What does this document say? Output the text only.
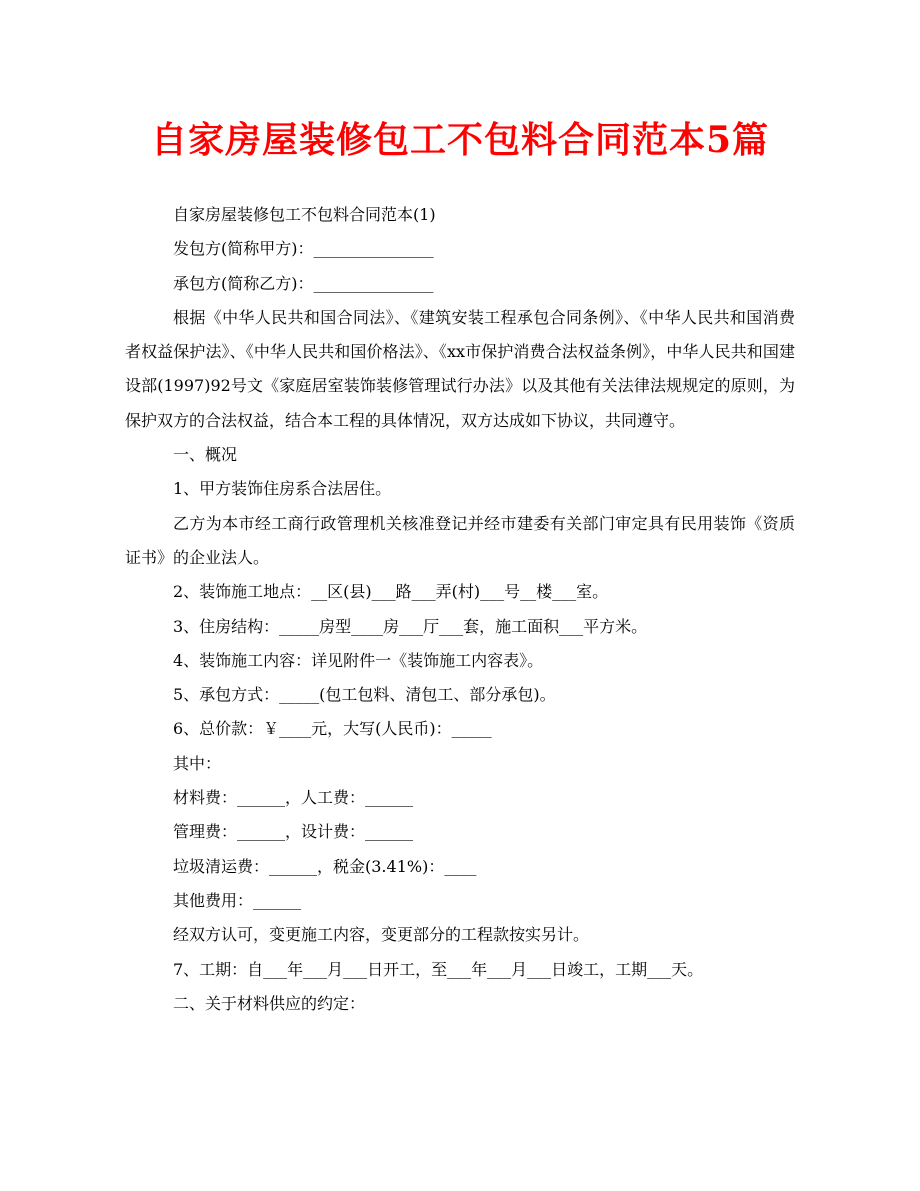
自家房屋装修包工不包料合同范本5篇

自家房屋装修包工不包料合同范本(1)

发包方(简称甲方)：_______________

承包方(简称乙方)：_______________

根据《中华人民共和国合同法》、《建筑安装工程承包合同条例》、《中华人民共和国消费者权益保护法》、《中华人民共和国价格法》、《xx市保护消费合法权益条例》，中华人民共和国建设部(1997)92号文《家庭居室装饰装修管理试行办法》以及其他有关法律法规规定的原则，为保护双方的合法权益，结合本工程的具体情况，双方达成如下协议，共同遵守。

一、概况

1、甲方装饰住房系合法居住。

乙方为本市经工商行政管理机关核准登记并经市建委有关部门审定具有民用装饰《资质证书》的企业法人。

2、装饰施工地点：__区(县)___路___弄(村)___号__楼___室。

3、住房结构：_____房型____房___厅___套，施工面积___平方米。

4、装饰施工内容：详见附件一《装饰施工内容表》。

5、承包方式：_____(包工包料、清包工、部分承包)。

6、总价款：￥____元，大写(人民币)：_____

其中：

材料费：______，人工费：______

管理费：______，设计费：______

垃圾清运费：______，税金(3.41%)：____

其他费用：______

经双方认可，变更施工内容，变更部分的工程款按实另计。

7、工期：自___年___月___日开工，至___年___月___日竣工，工期___天。

二、关于材料供应的约定：
